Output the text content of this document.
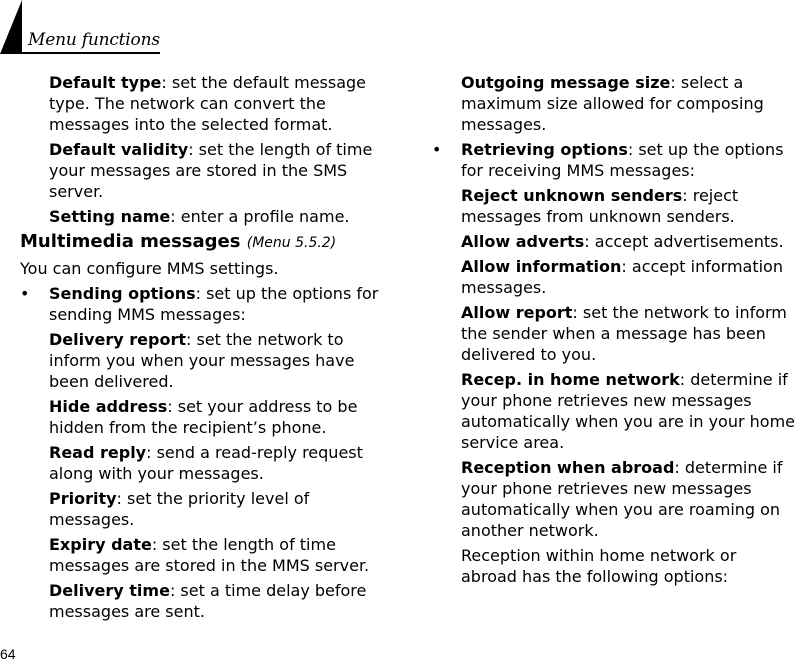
Menu functions

Default type: set the default message type. The network can convert the messages into the selected format.

Default validity: set the length of time your messages are stored in the SMS server.

Setting name: enter a profile name.

Multimedia messages (Menu 5.5.2)

You can configure MMS settings.

•	Sending options: set up the options for sending MMS messages:

Delivery report: set the network to inform you when your messages have been delivered.

Hide address: set your address to be hidden from the recipient’s phone.

Read reply: send a read-reply request along with your messages.

Priority: set the priority level of messages.

Expiry date: set the length of time messages are stored in the MMS server.

Delivery time: set a time delay before messages are sent.

Outgoing message size: select a maximum size allowed for composing messages.

•	Retrieving options: set up the options for receiving MMS messages:

Reject unknown senders: reject messages from unknown senders.

Allow adverts: accept advertisements.

Allow information: accept information messages.

Allow report: set the network to inform the sender when a message has been delivered to you.

Recep. in home network: determine if your phone retrieves new messages automatically when you are in your home service area.

Reception when abroad: determine if your phone retrieves new messages automatically when you are roaming on another network.

Reception within home network or abroad has the following options:

64
